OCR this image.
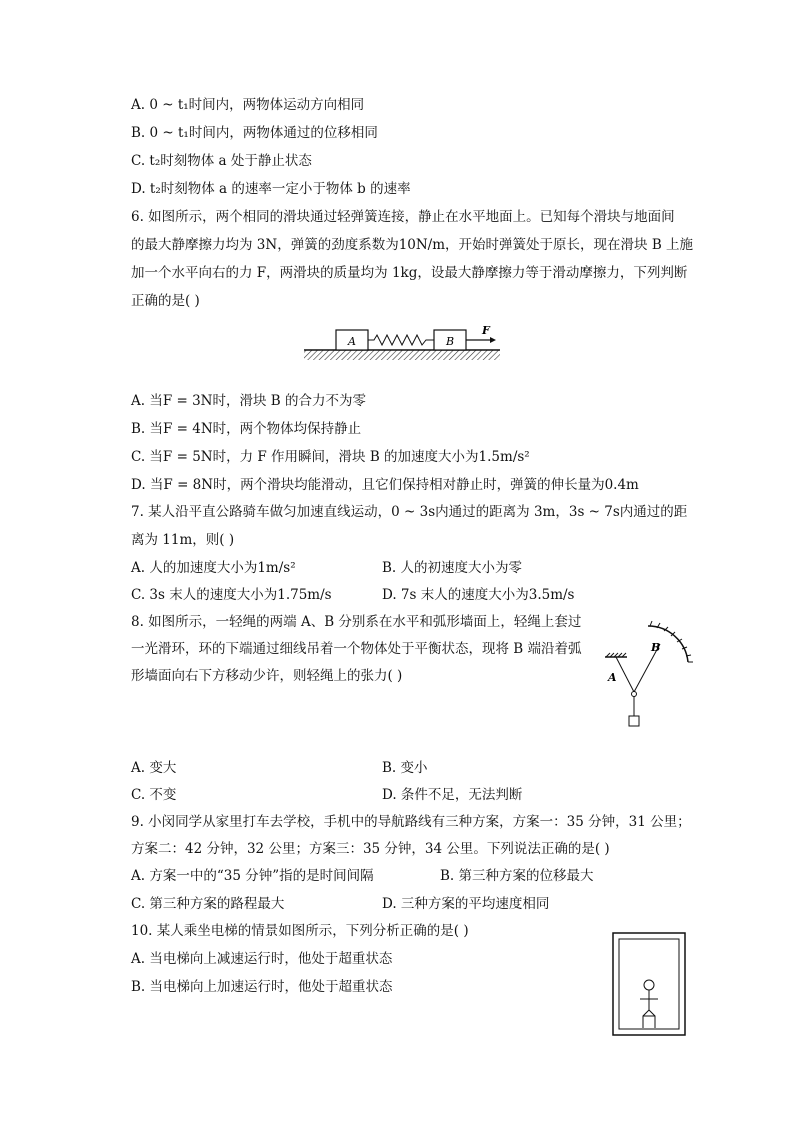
A. 0 ~ t₁时间内，两物体运动方向相同
B. 0 ~ t₁时间内，两物体通过的位移相同
C. t₂时刻物体 a 处于静止状态
D. t₂时刻物体 a 的速率一定小于物体 b 的速率
6. 如图所示，两个相同的滑块通过轻弹簧连接，静止在水平地面上。已知每个滑块与地面间
的最大静摩擦力均为 3N，弹簧的劲度系数为10N/m，开始时弹簧处于原长，现在滑块 B 上施
加一个水平向右的力 F，两滑块的质量均为 1kg，设最大静摩擦力等于滑动摩擦力，下列判断
正确的是( )
A	B
F
A. 当F = 3N时，滑块 B 的合力不为零
B. 当F = 4N时，两个物体均保持静止
C. 当F = 5N时，力 F 作用瞬间，滑块 B 的加速度大小为1.5m/s²
D. 当F = 8N时，两个滑块均能滑动，且它们保持相对静止时，弹簧的伸长量为0.4m
7. 某人沿平直公路骑车做匀加速直线运动，0 ~ 3s内通过的距离为 3m，3s ~ 7s内通过的距
离为 11m，则( )
A. 人的加速度大小为1m/s²	B. 人的初速度大小为零
C. 3s 末人的速度大小为1.75m/s	D. 7s 末人的速度大小为3.5m/s
8. 如图所示，一轻绳的两端 A、B 分别系在水平和弧形墙面上，轻绳上套过
一光滑环，环的下端通过细线吊着一个物体处于平衡状态，现将 B 端沿着弧
形墙面向右下方移动少许，则轻绳上的张力( )	A
B
A. 变大	B. 变小
C. 不变	D. 条件不足，无法判断
9. 小闵同学从家里打车去学校，手机中的导航路线有三种方案，方案一：35 分钟，31 公里；
方案二：42 分钟，32 公里；方案三：35 分钟，34 公里。下列说法正确的是( )
A. 方案一中的“35 分钟”指的是时间间隔	B. 第三种方案的位移最大
C. 第三种方案的路程最大	D. 三种方案的平均速度相同
10. 某人乘坐电梯的情景如图所示，下列分析正确的是( )
A. 当电梯向上减速运行时，他处于超重状态
B. 当电梯向上加速运行时，他处于超重状态
